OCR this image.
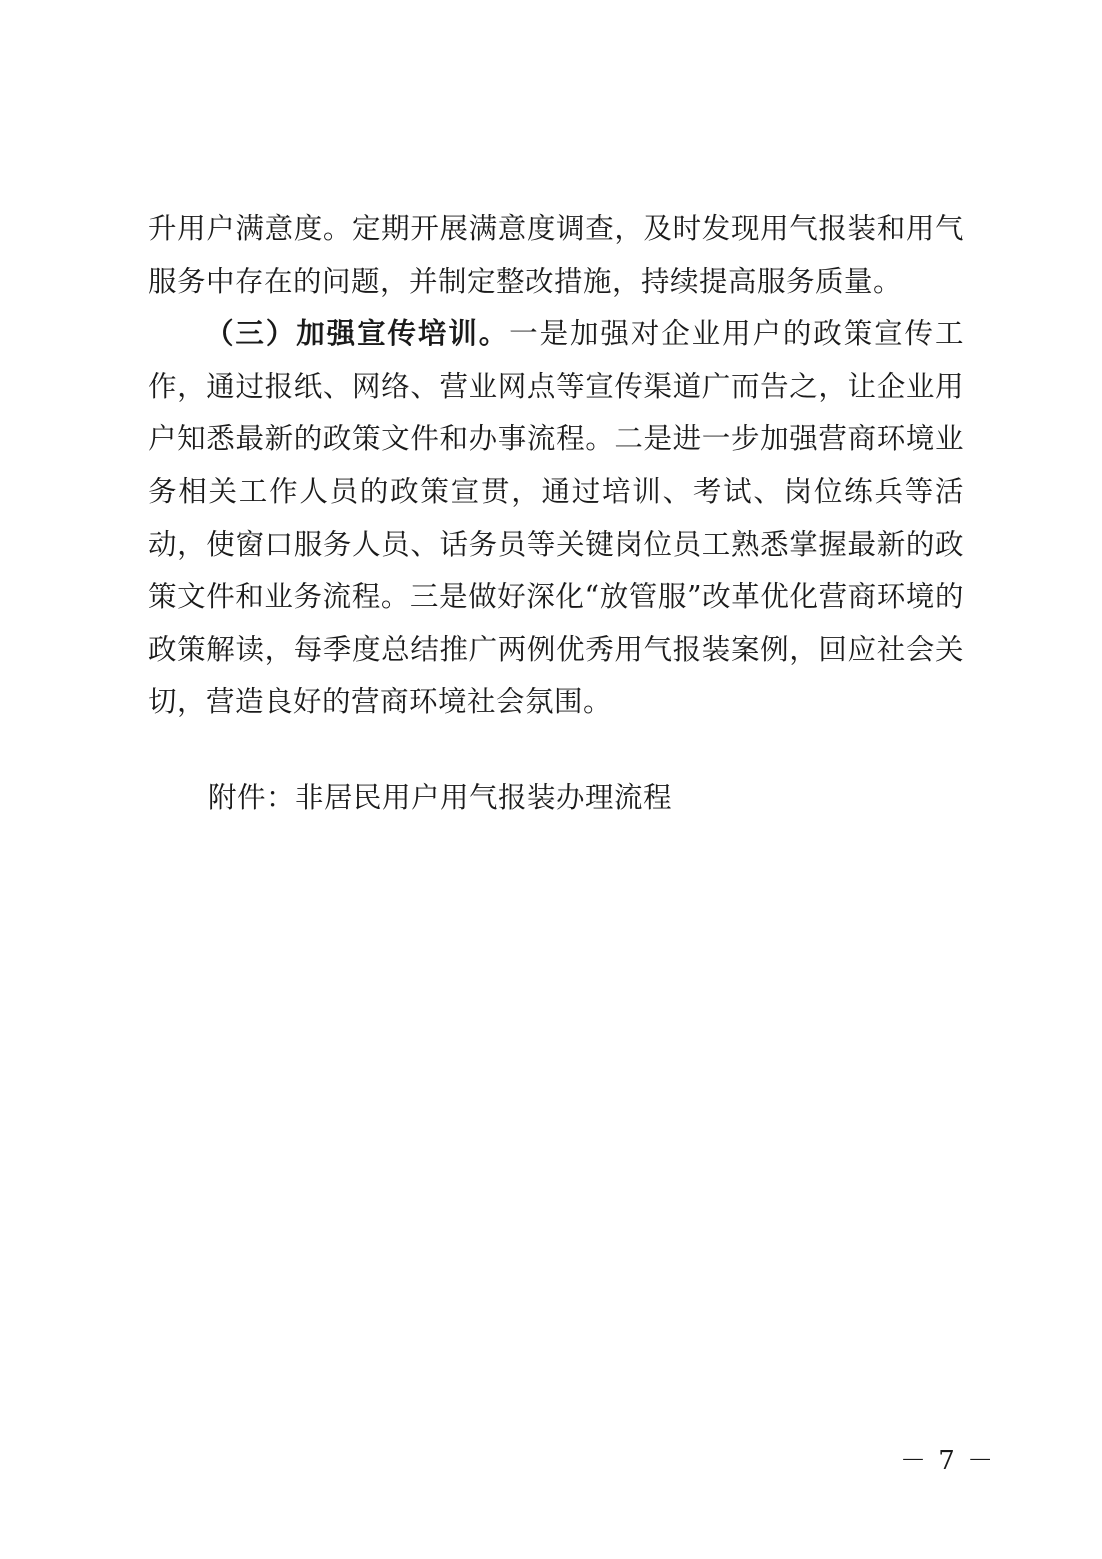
升用户满意度。定期开展满意度调查，及时发现用气报装和用气服务中存在的问题，并制定整改措施，持续提高服务质量。

（三）加强宣传培训。一是加强对企业用户的政策宣传工作，通过报纸、网络、营业网点等宣传渠道广而告之，让企业用户知悉最新的政策文件和办事流程。二是进一步加强营商环境业务相关工作人员的政策宣贯，通过培训、考试、岗位练兵等活动，使窗口服务人员、话务员等关键岗位员工熟悉掌握最新的政策文件和业务流程。三是做好深化“放管服”改革优化营商环境的政策解读，每季度总结推广两例优秀用气报装案例，回应社会关切，营造良好的营商环境社会氛围。

附件：非居民用户用气报装办理流程
－ 7 －
